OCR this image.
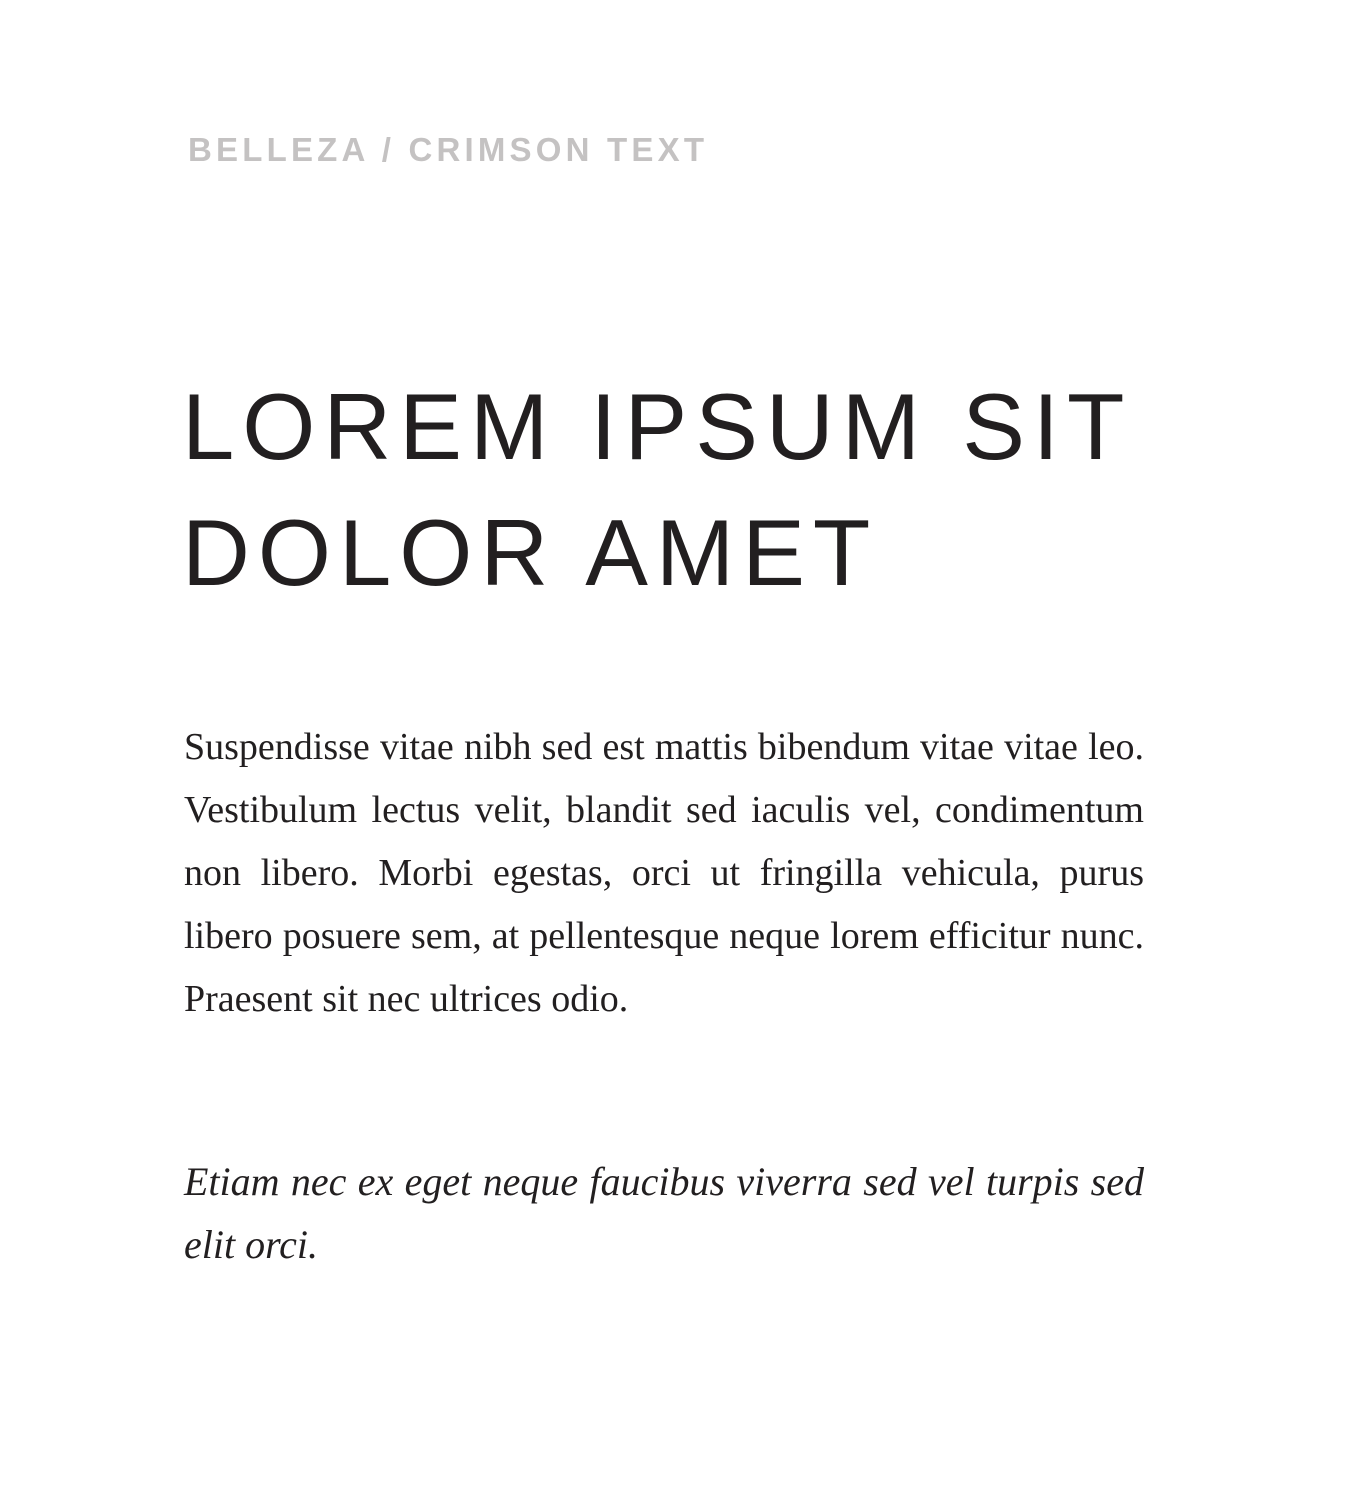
BELLEZA / CRIMSON TEXT
LOREM IPSUM SIT
DOLOR AMET

Suspendisse vitae nibh sed est mattis bibendum vitae vitae leo. Vestibulum lectus velit, blandit sed iaculis vel, condimentum non libero. Morbi egestas, orci ut fringilla vehicula, purus libero posuere sem, at pellentesque neque lorem efficitur nunc. Praesent sit nec ultrices odio.

Etiam nec ex eget neque faucibus viverra sed vel turpis sed elit orci.
